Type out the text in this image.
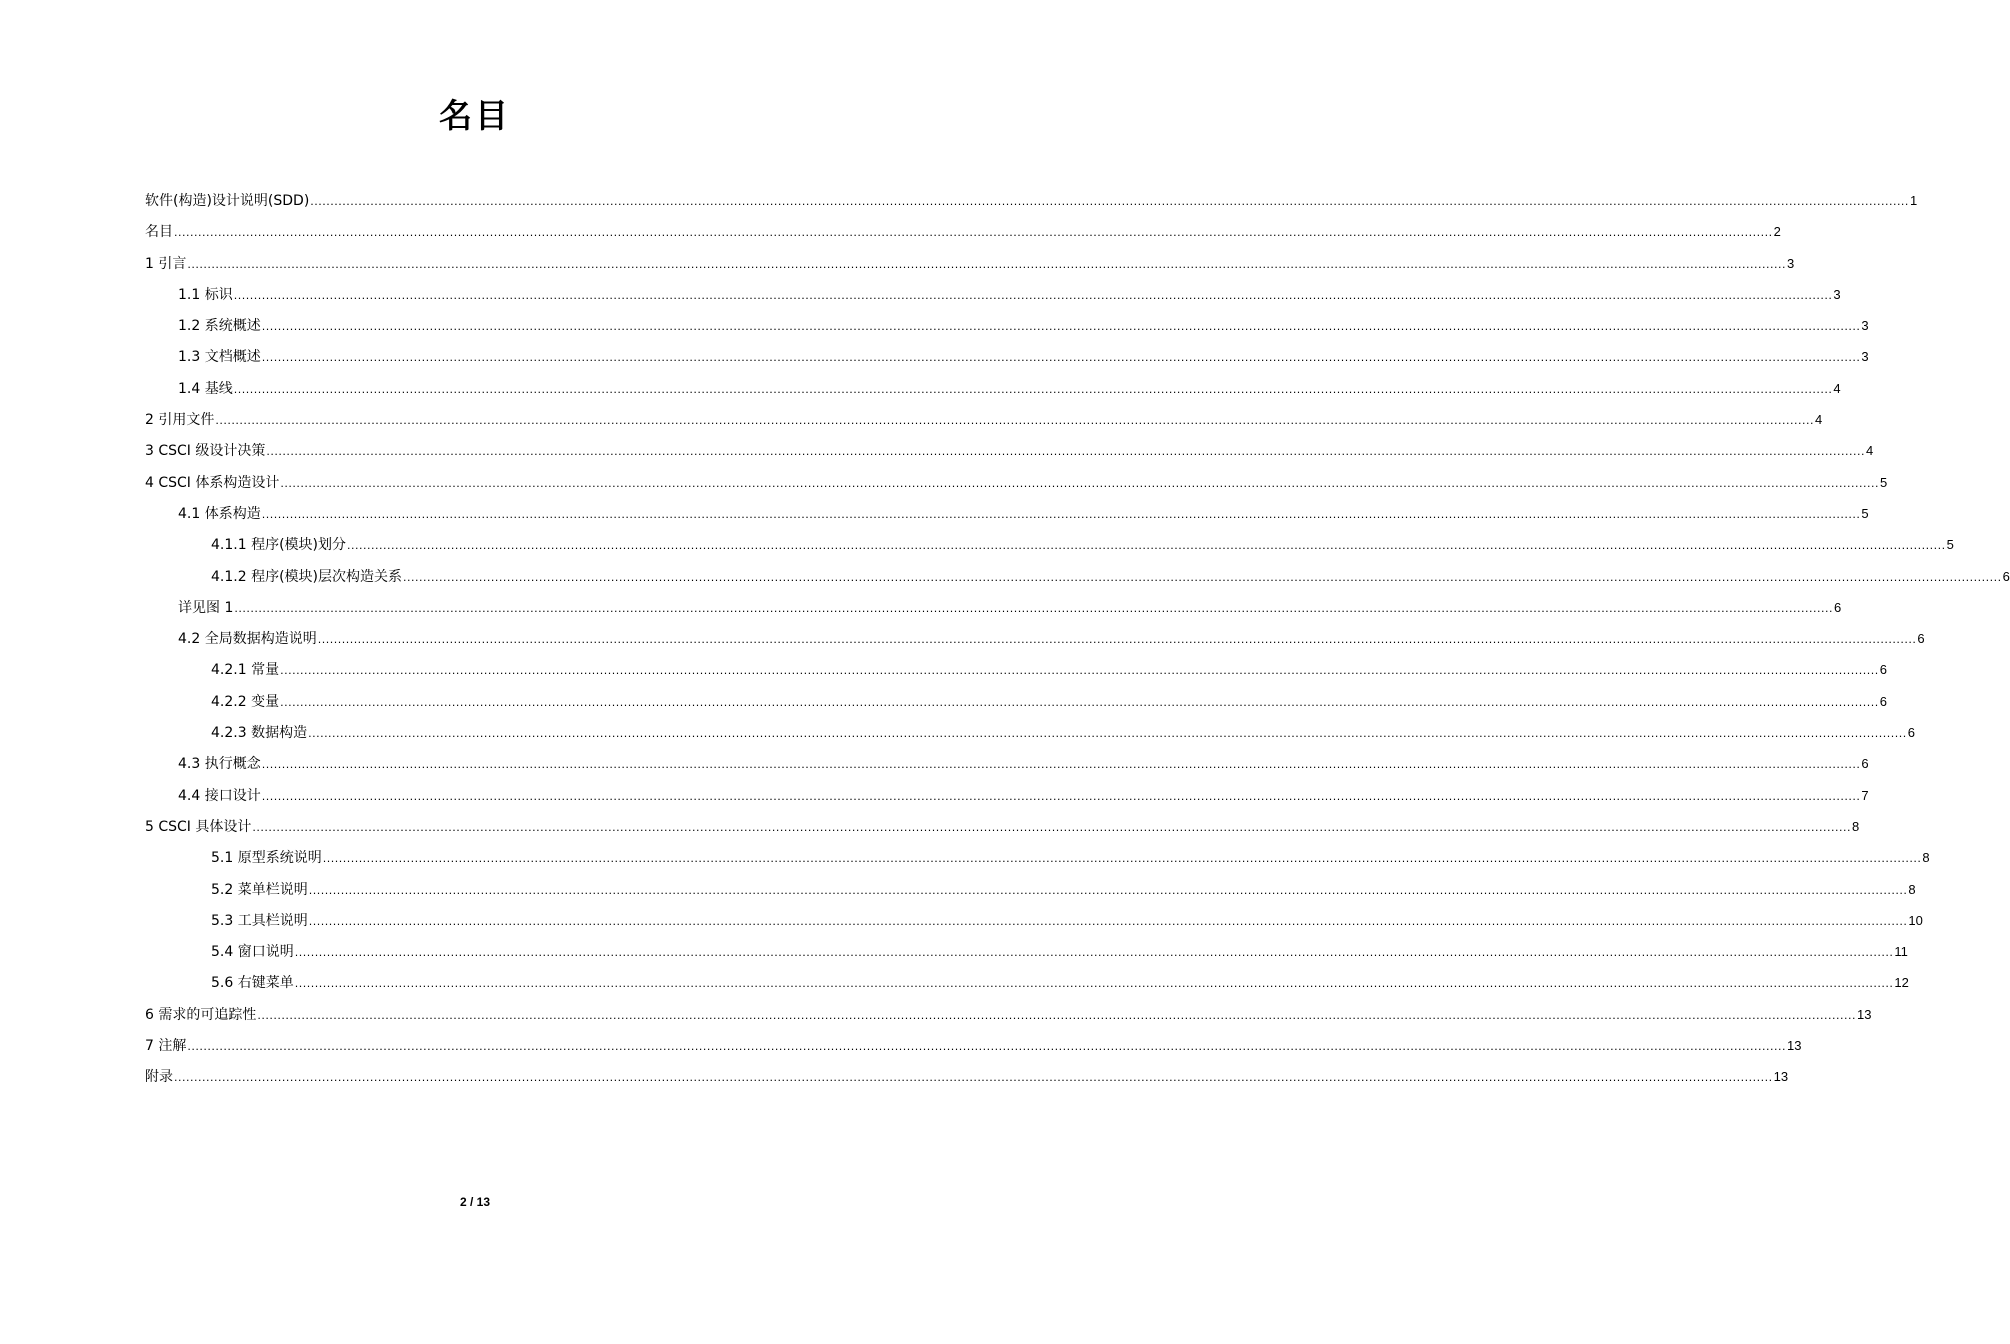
名目
软件(构造)设计说明(SDD) ................................................................................................................................................................................................................................................................................................................................................................................................................ 1
名目 ................................................................................................................................................................................................................................................................................................................................................................................................................ 2
1 引言 ................................................................................................................................................................................................................................................................................................................................................................................................................ 3
1.1 标识 ................................................................................................................................................................................................................................................................................................................................................................................................................ 3
1.2 系统概述 ................................................................................................................................................................................................................................................................................................................................................................................................................ 3
1.3 文档概述 ................................................................................................................................................................................................................................................................................................................................................................................................................ 3
1.4 基线 ................................................................................................................................................................................................................................................................................................................................................................................................................ 4
2 引用文件 ................................................................................................................................................................................................................................................................................................................................................................................................................ 4
3 CSCI 级设计决策 ................................................................................................................................................................................................................................................................................................................................................................................................................ 4
4 CSCI 体系构造设计 ................................................................................................................................................................................................................................................................................................................................................................................................................ 5
4.1 体系构造 ................................................................................................................................................................................................................................................................................................................................................................................................................ 5
4.1.1 程序(模块)划分 ................................................................................................................................................................................................................................................................................................................................................................................................................ 5
4.1.2 程序(模块)层次构造关系 ................................................................................................................................................................................................................................................................................................................................................................................................................ 6
详见图 1 ................................................................................................................................................................................................................................................................................................................................................................................................................ 6
4.2 全局数据构造说明 ................................................................................................................................................................................................................................................................................................................................................................................................................ 6
4.2.1 常量 ................................................................................................................................................................................................................................................................................................................................................................................................................ 6
4.2.2 变量 ................................................................................................................................................................................................................................................................................................................................................................................................................ 6
4.2.3 数据构造 ................................................................................................................................................................................................................................................................................................................................................................................................................ 6
4.3 执行概念 ................................................................................................................................................................................................................................................................................................................................................................................................................ 6
4.4 接口设计 ................................................................................................................................................................................................................................................................................................................................................................................................................ 7
5 CSCI 具体设计 ................................................................................................................................................................................................................................................................................................................................................................................................................ 8
5.1 原型系统说明 ................................................................................................................................................................................................................................................................................................................................................................................................................ 8
5.2 菜单栏说明 ................................................................................................................................................................................................................................................................................................................................................................................................................ 8
5.3 工具栏说明 ................................................................................................................................................................................................................................................................................................................................................................................................................ 10
5.4 窗口说明 ................................................................................................................................................................................................................................................................................................................................................................................................................ 11
5.6 右键菜单 ................................................................................................................................................................................................................................................................................................................................................................................................................ 12
6 需求的可追踪性 ................................................................................................................................................................................................................................................................................................................................................................................................................ 13
7 注解 ................................................................................................................................................................................................................................................................................................................................................................................................................ 13
附录 ................................................................................................................................................................................................................................................................................................................................................................................................................ 13
2 / 13
